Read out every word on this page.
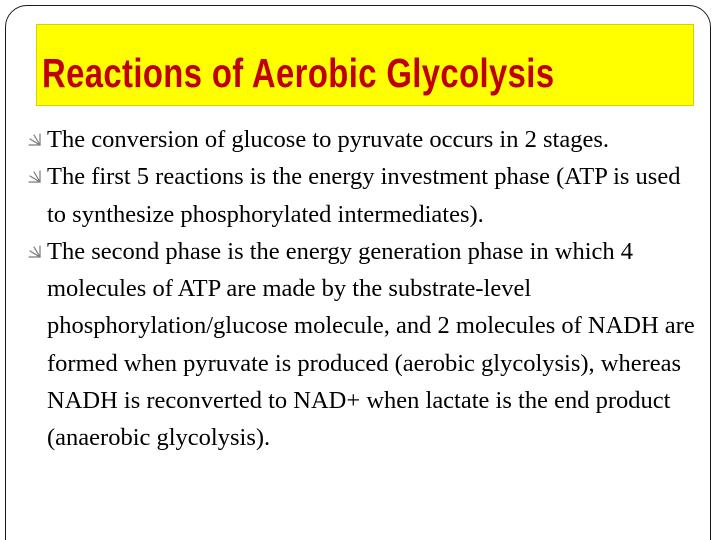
Reactions of Aerobic Glycolysis
The conversion of glucose to pyruvate occurs in 2 stages.
The first 5 reactions is the energy investment phase (ATP is used to synthesize phosphorylated intermediates).
The second phase is the energy generation phase in which 4 molecules of ATP are made by the substrate-level phosphorylation/glucose molecule, and 2 molecules of NADH are formed when pyruvate is produced (aerobic glycolysis), whereas NADH is reconverted to NAD+ when lactate is the end product (anaerobic glycolysis).
